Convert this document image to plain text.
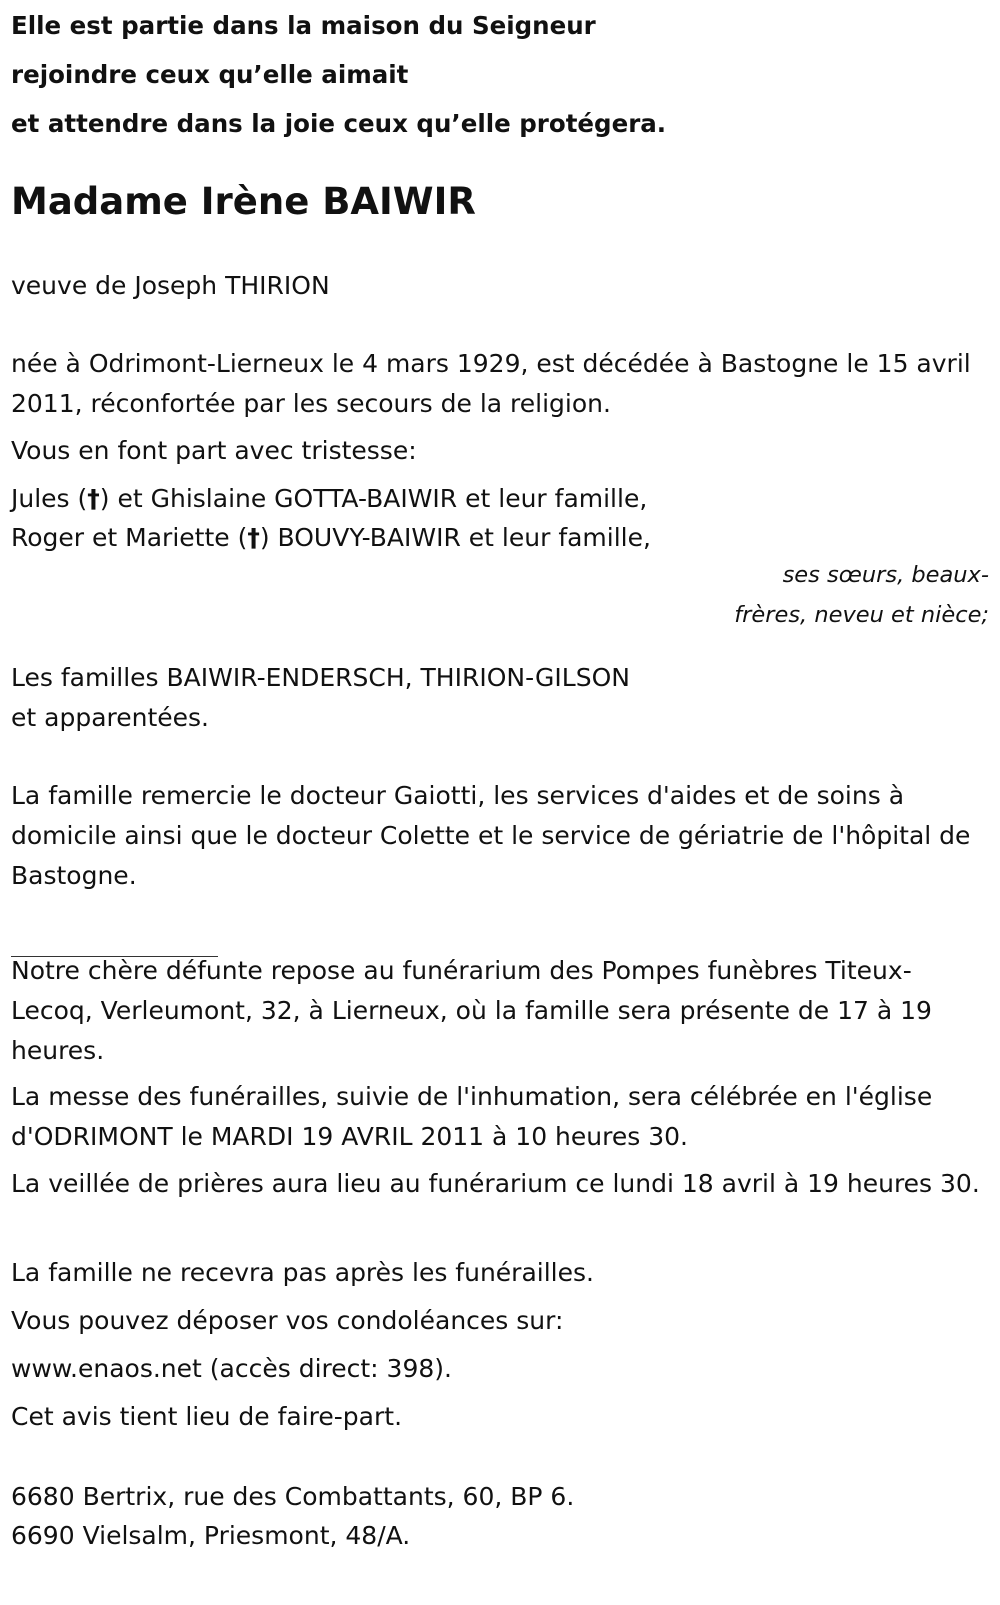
Elle est partie dans la maison du Seigneur
rejoindre ceux qu’elle aimait
et attendre dans la joie ceux qu’elle protégera.
Madame Irène BAIWIR

veuve de Joseph THIRION

née à Odrimont-Lierneux le 4 mars 1929, est décédée à Bastogne le 15 avril 2011, réconfortée par les secours de la religion.

Vous en font part avec tristesse:

Jules (†) et Ghislaine GOTTA-BAIWIR et leur famille,

Roger et Mariette (†) BOUVY-BAIWIR et leur famille,

Les familles BAIWIR-ENDERSCH, THIRION-GILSON
et apparentées.

La famille remercie le docteur Gaiotti, les services d'aides et de soins à domicile ainsi que le docteur Colette et le service de gériatrie de l'hôpital de Bastogne.

Notre chère défunte repose au funérarium des Pompes funèbres Titeux-Lecoq, Verleumont, 32, à Lierneux, où la famille sera présente de 17 à 19 heures.

La messe des funérailles, suivie de l'inhumation, sera célébrée en l'église d'ODRIMONT le MARDI 19 AVRIL 2011 à 10 heures 30.

La veillée de prières aura lieu au funérarium ce lundi 18 avril à 19 heures 30.

La famille ne recevra pas après les funérailles.

Vous pouvez déposer vos condoléances sur:

www.enaos.net (accès direct: 398).

Cet avis tient lieu de faire-part.

6680 Bertrix, rue des Combattants, 60, BP 6.

6690 Vielsalm, Priesmont, 48/A.

ses sœurs, beaux-frères, neveu et nièce;
